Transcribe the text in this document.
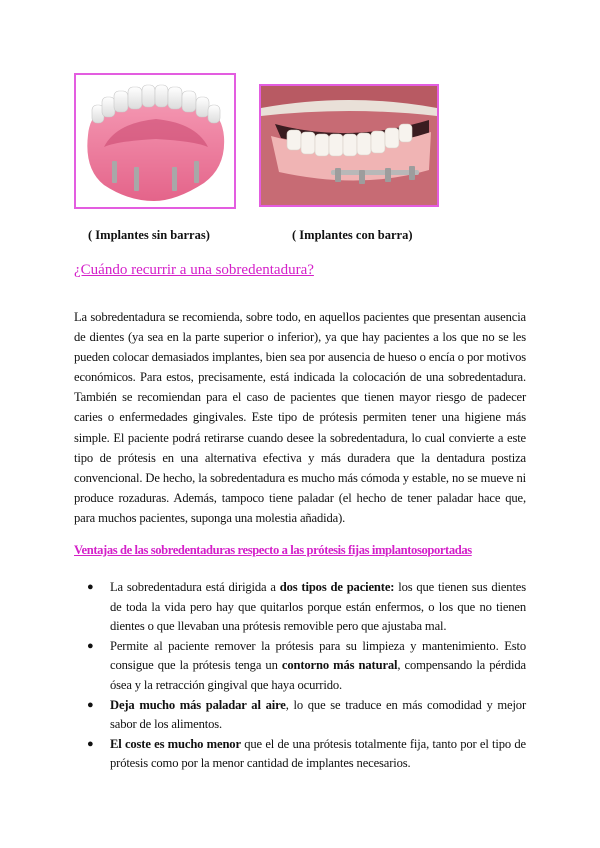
( Implantes sin barras)	( Implantes con barra)
¿Cuándo recurrir a una sobredentadura?
La sobredentadura se recomienda, sobre todo, en aquellos pacientes que presentan ausencia de dientes (ya sea en la parte superior o inferior), ya que hay pacientes a los que no se les pueden colocar demasiados implantes, bien sea por ausencia de hueso o encía o por motivos económicos. Para estos, precisamente, está indicada la colocación de una sobredentadura. También se recomiendan para el caso de pacientes que tienen mayor riesgo de padecer caries o enfermedades gingivales. Este tipo de prótesis permiten tener una higiene más simple. El paciente podrá retirarse cuando desee la sobredentadura, lo cual convierte a este tipo de prótesis en una alternativa efectiva y más duradera que la dentadura postiza convencional. De hecho, la sobredentadura es mucho más cómoda y estable, no se mueve ni produce rozaduras. Además, tampoco tiene paladar (el hecho de tener paladar hace que, para muchos pacientes, suponga una molestia añadida).
Ventajas de las sobredentaduras respecto a las prótesis fijas implantosoportadas
● La sobredentadura está dirigida a dos tipos de paciente: los que tienen sus dientes de toda la vida pero hay que quitarlos porque están enfermos, o los que no tienen dientes o que llevaban una prótesis removible pero que ajustaba mal.
● Permite al paciente remover la prótesis para su limpieza y mantenimiento. Esto consigue que la prótesis tenga un contorno más natural, compensando la pérdida ósea y la retracción gingival que haya ocurrido.
● Deja mucho más paladar al aire, lo que se traduce en más comodidad y mejor sabor de los alimentos.
● El coste es mucho menor que el de una prótesis totalmente fija, tanto por el tipo de prótesis como por la menor cantidad de implantes necesarios.
